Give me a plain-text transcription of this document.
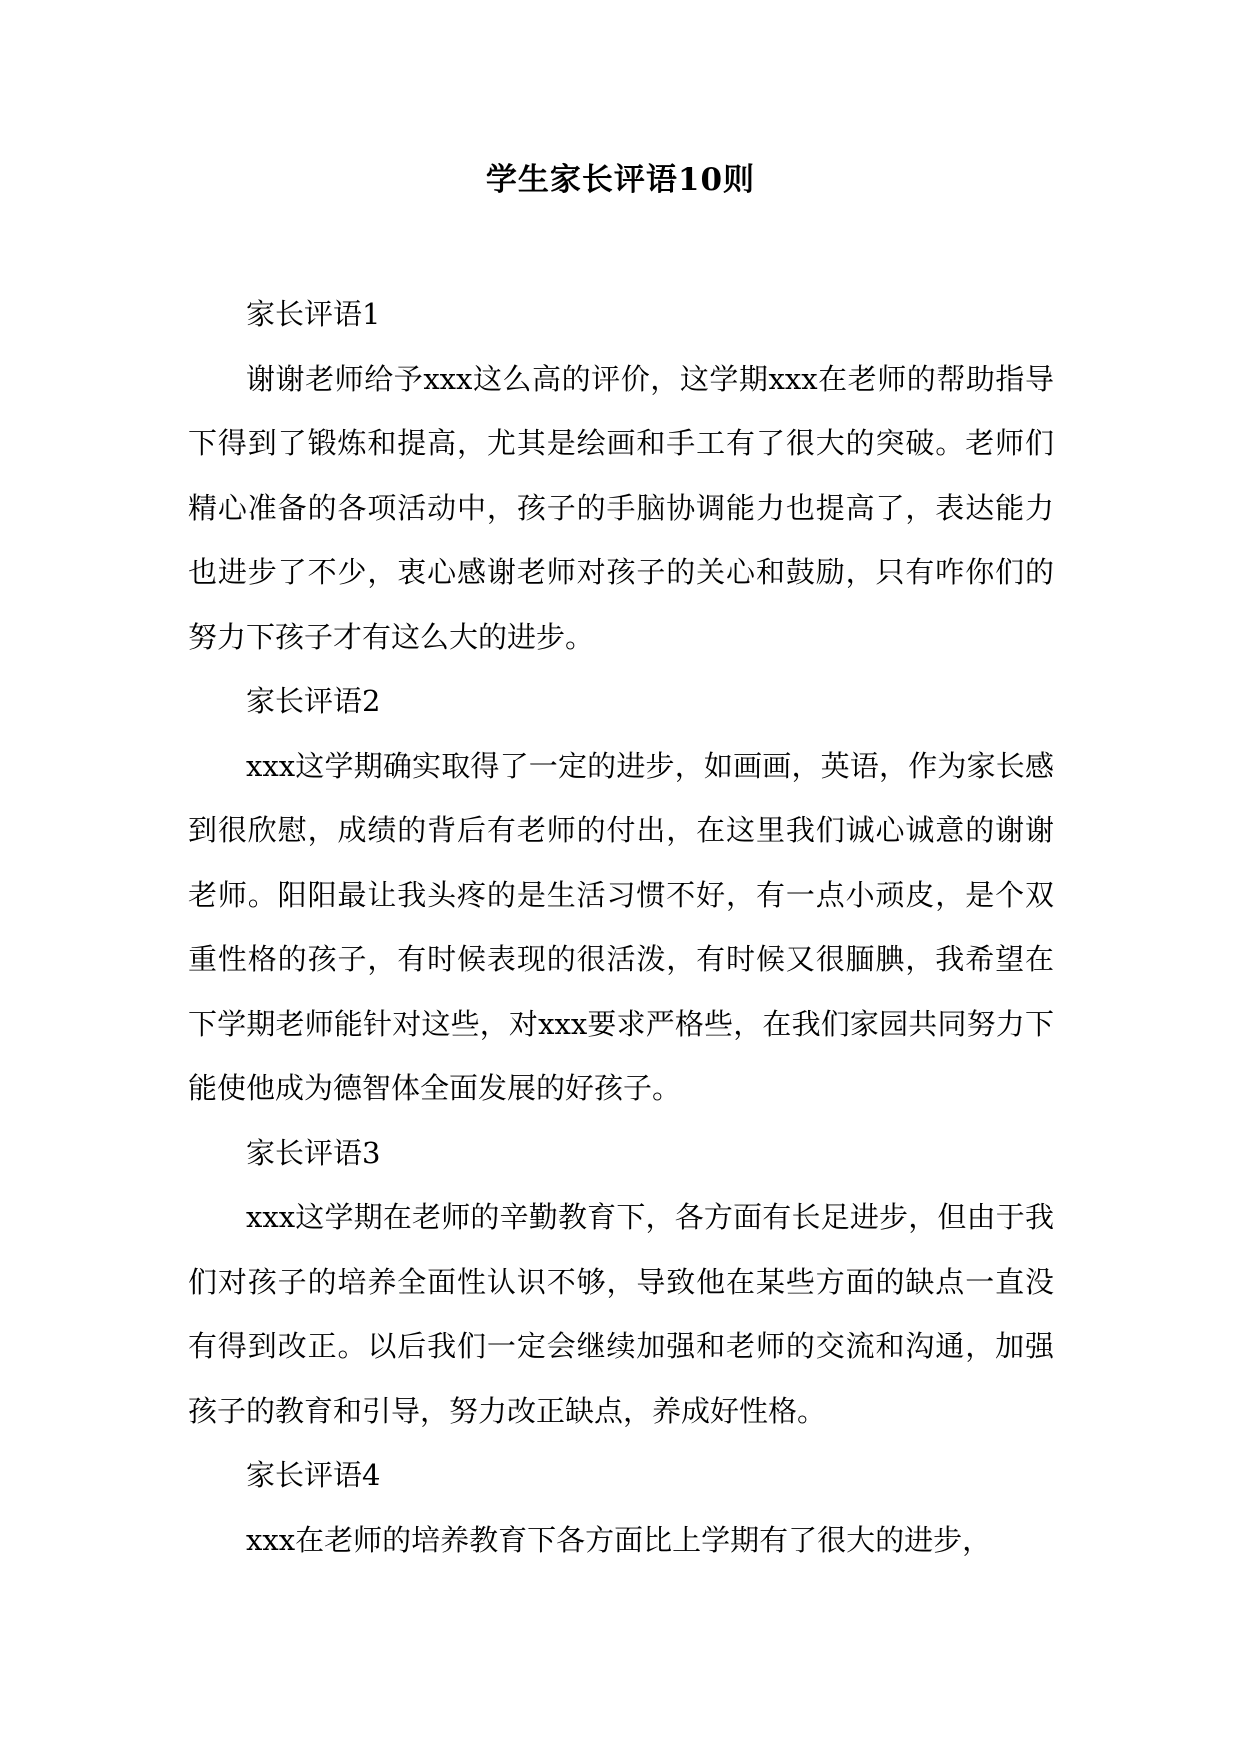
学生家长评语10则

家长评语1

谢谢老师给予xxx这么高的评价，这学期xxx在老师的帮助指导下得到了锻炼和提高，尤其是绘画和手工有了很大的突破。老师们精心准备的各项活动中，孩子的手脑协调能力也提高了，表达能力也进步了不少，衷心感谢老师对孩子的关心和鼓励，只有咋你们的努力下孩子才有这么大的进步。

家长评语2

xxx这学期确实取得了一定的进步，如画画，英语，作为家长感到很欣慰，成绩的背后有老师的付出，在这里我们诚心诚意的谢谢老师。阳阳最让我头疼的是生活习惯不好，有一点小顽皮，是个双重性格的孩子，有时候表现的很活泼，有时候又很腼腆，我希望在下学期老师能针对这些，对xxx要求严格些，在我们家园共同努力下能使他成为德智体全面发展的好孩子。

家长评语3

xxx这学期在老师的辛勤教育下，各方面有长足进步，但由于我们对孩子的培养全面性认识不够，导致他在某些方面的缺点一直没有得到改正。以后我们一定会继续加强和老师的交流和沟通，加强孩子的教育和引导，努力改正缺点，养成好性格。

家长评语4

xxx在老师的培养教育下各方面比上学期有了很大的进步，
